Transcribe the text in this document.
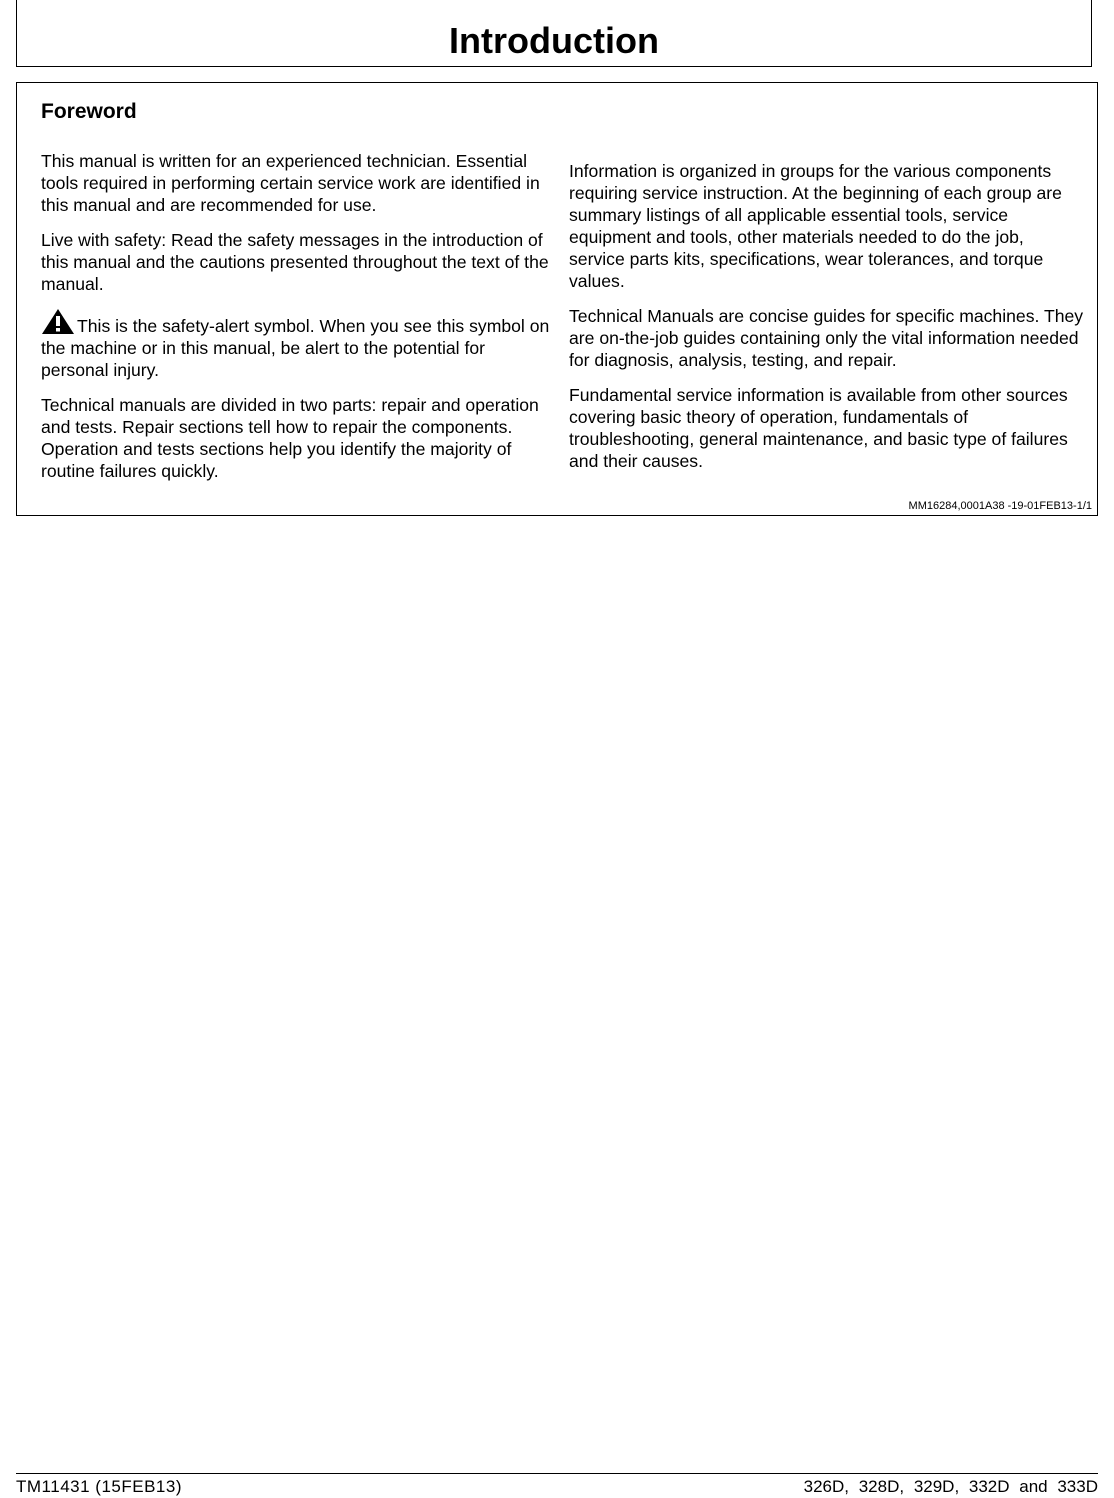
Introduction
Foreword

This manual is written for an experienced technician. Essential tools required in performing certain service work are identified in this manual and are recommended for use.

Live with safety: Read the safety messages in the introduction of this manual and the cautions presented throughout the text of the manual.

This is the safety-alert symbol. When you see this symbol on the machine or in this manual, be alert to the potential for personal injury.

Technical manuals are divided in two parts: repair and operation and tests. Repair sections tell how to repair the components. Operation and tests sections help you identify the majority of routine failures quickly.

Information is organized in groups for the various components requiring service instruction. At the beginning of each group are summary listings of all applicable essential tools, service equipment and tools, other materials needed to do the job, service parts kits, specifications, wear tolerances, and torque values.

Technical Manuals are concise guides for specific machines. They are on-the-job guides containing only the vital information needed for diagnosis, analysis, testing, and repair.

Fundamental service information is available from other sources covering basic theory of operation, fundamentals of troubleshooting, general maintenance, and basic type of failures and their causes.

MM16284,0001A38 -19-01FEB13-1/1
TM11431 (15FEB13)	326D, 328D, 329D, 332D and 333D
